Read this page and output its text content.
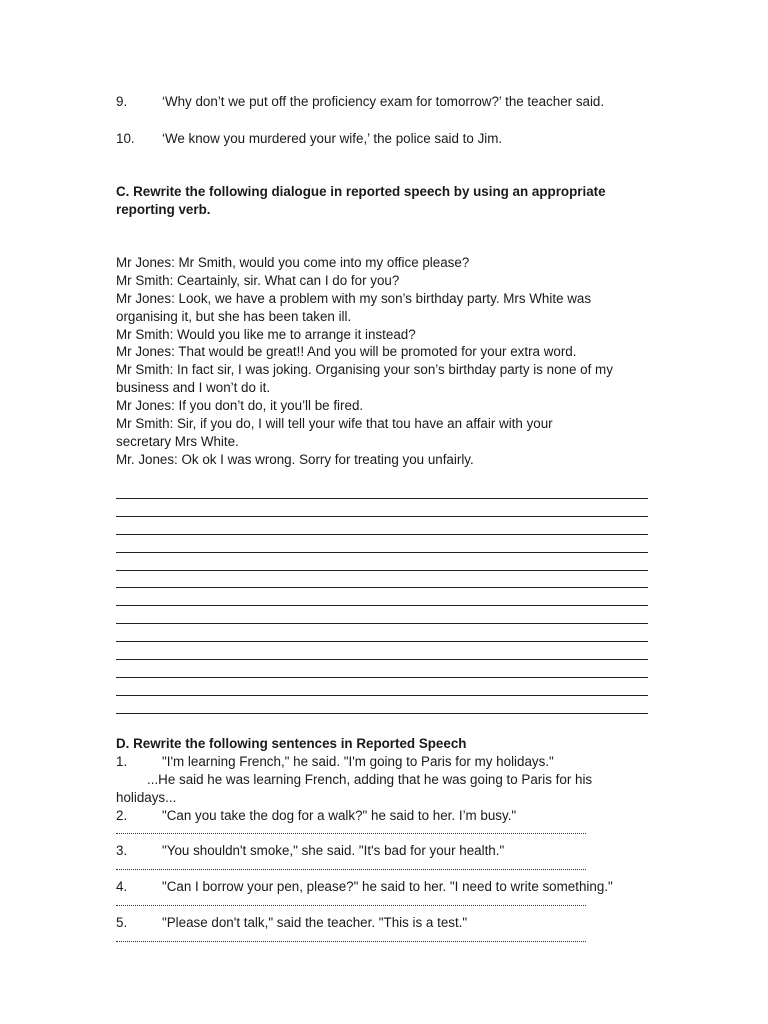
9.	‘Why don’t we put off the proficiency exam for tomorrow?’ the teacher said.
10. ‘We know you murdered your wife,’ the police said to Jim.
C. Rewrite the following dialogue in reported speech by using an appropriate
reporting verb.
Mr Jones: Mr Smith, would you come into my office please?
Mr Smith: Ceartainly, sir. What can I do for you?
Mr Jones: Look, we have a problem with my son’s birthday party. Mrs White was
organising it, but she has been taken ill.
Mr Smith: Would you like me to arrange it instead?
Mr Jones: That would be great!! And you will be promoted for your extra word.
Mr Smith: In fact sir, I was joking. Organising your son’s birthday party is none of my
business and I won’t do it.
Mr Jones: If you don’t do, it you’ll be fired.
Mr Smith: Sir, if you do, I will tell your wife that tou have an affair with your
secretary Mrs White.
Mr. Jones: Ok ok I was wrong. Sorry for treating you unfairly.
D. Rewrite the following sentences in Reported Speech
1.	"I'm learning French," he said. "I'm going to Paris for my holidays."
...He said he was learning French, adding that he was going to Paris for his
holidays...
2.	"Can you take the dog for a walk?" he said to her. I’m busy."
3.	"You shouldn't smoke," she said. "It's bad for your health."
4.	"Can I borrow your pen, please?" he said to her. "I need to write something."
5.	"Please don't talk," said the teacher. "This is a test."
